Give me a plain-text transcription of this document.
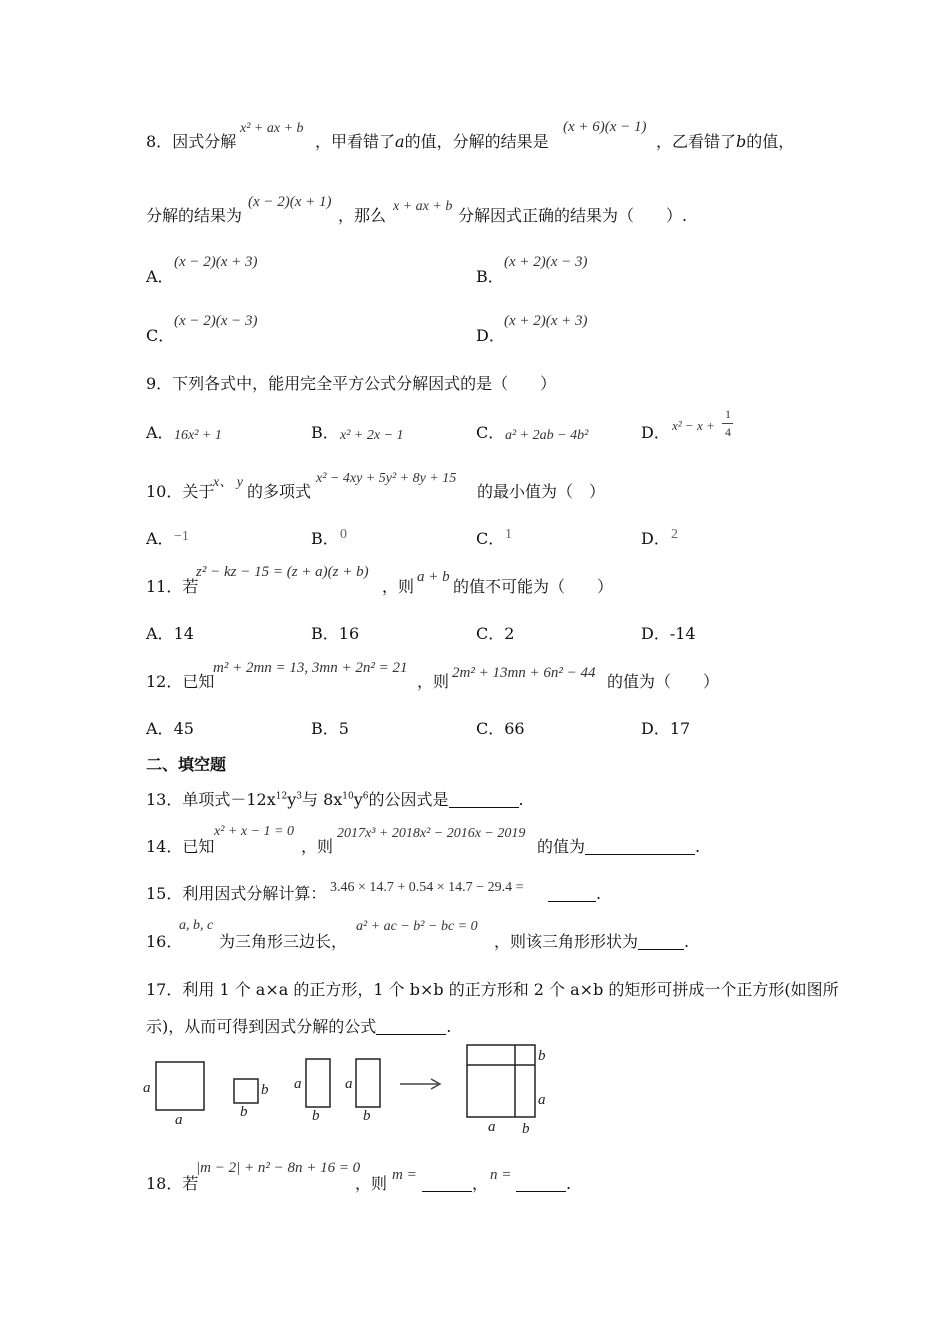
8．因式分解
x² + ax + b
，甲看错了a的值，分解的结果是
(x + 6)(x − 1)
，乙看错了b的值，
分解的结果为
(x − 2)(x + 1)
，那么 x + ax + b 分解因式正确的结果为（　　）.
A．
(x − 2)(x + 3)
B．
(x + 2)(x − 3)
C．
(x − 2)(x − 3)
D．
(x + 2)(x + 3)
9．下列各式中，能用完全平方公式分解因式的是（　　）
A． 16x² + 1	B． x² + 2x − 1	C． a² + 2ab − 4b²	D． x² − x +
1
4
10．关于
x、 y 的多项式
x² − 4xy + 5y² + 8y + 15
的最小值为（　）
A． −1	B． 0	C． 1	D． 2
11．若
z² − kz − 15 = (z + a)(z + b)
，则 a + b 的值不可能为（　　）
A．14	B．16	C．2	D．-14
12．已知
m² + 2mn = 13, 3mn + 2n² = 21
，则 2m² + 13mn + 6n² − 44 的值为（　　）
A．45	B．5	C．66	D．17
二、填空题
13．单项式$-12x^{12}y^3$与 $8x^{10}y^6$的公因式是	.
14．已知
x² + x − 1 = 0
，则
2017x³ + 2018x² − 2016x − 2019
的值为	.
15．利用因式分解计算： 3.46 × 14.7 + 0.54 × 14.7 − 29.4 =	.
16．
a, b, c
为三角形三边长，
a² + ac − b² − bc = 0
，则该三角形形状为	.
17．利用 1 个 a×a 的正方形，1 个 b×b 的正方形和 2 个 a×b 的矩形可拼成一个正方形(如图所
示)，从而可得到因式分解的公式	.
a
a
b
b
a
b
a
b
b
a
a b
18．若
|m − 2| + n² − 8n + 16 = 0
，则 m =	， n =	.
